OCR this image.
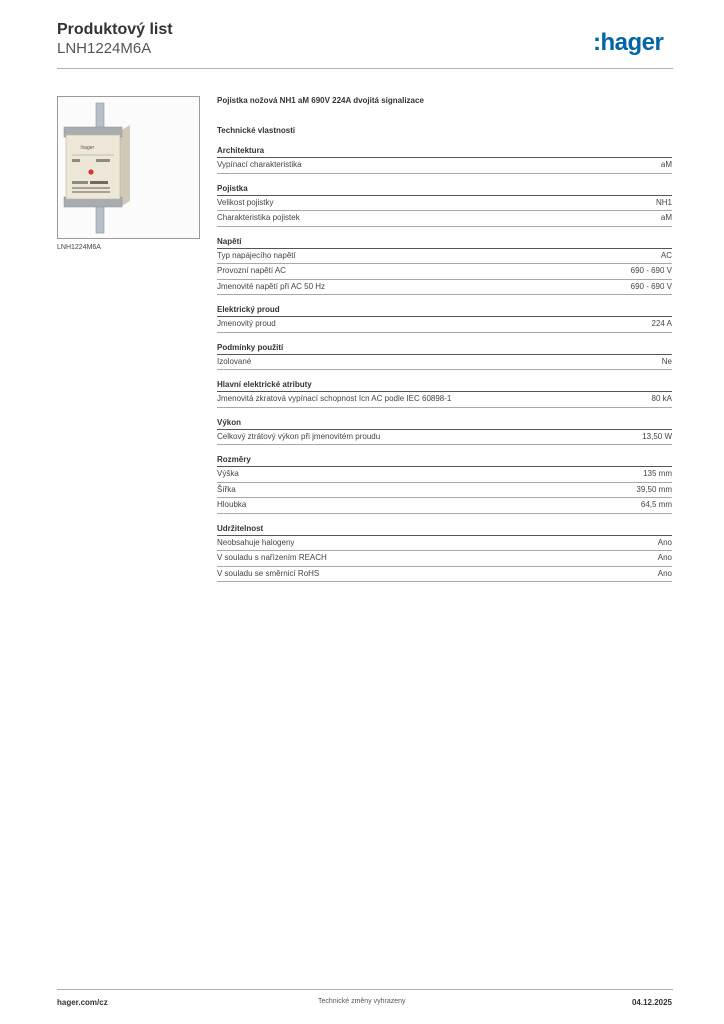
Produktový list
LNH1224M6A	:hager
:hager
LNH1224M6A
Pojistka nožová NH1 aM 690V 224A dvojitá signalizace
Technické vlastnosti
Architektura
Vypínací charakteristika	aM
Pojistka
Velikost pojistky	NH1
Charakteristika pojistek	aM
Napětí
Typ napájecího napětí	AC
Provozní napětí AC	690 - 690 V
Jmenovité napětí při AC 50 Hz	690 - 690 V
Elektrický proud
Jmenovitý proud	224 A
Podmínky použití
Izolované	Ne
Hlavní elektrické atributy
Jmenovitá zkratová vypínací schopnost Icn AC podle IEC 60898-1	80 kA
Výkon
Celkový ztrátový výkon při jmenovitém proudu	13,50 W
Rozměry
Výška	135 mm
Šířka	39,50 mm
Hloubka	64,5 mm
Udržitelnost
Neobsahuje halogeny	Ano
V souladu s nařízením REACH	Ano
V souladu se směrnicí RoHS	Ano
hager.com/cz	Technické změny vyhrazeny	04.12.2025
